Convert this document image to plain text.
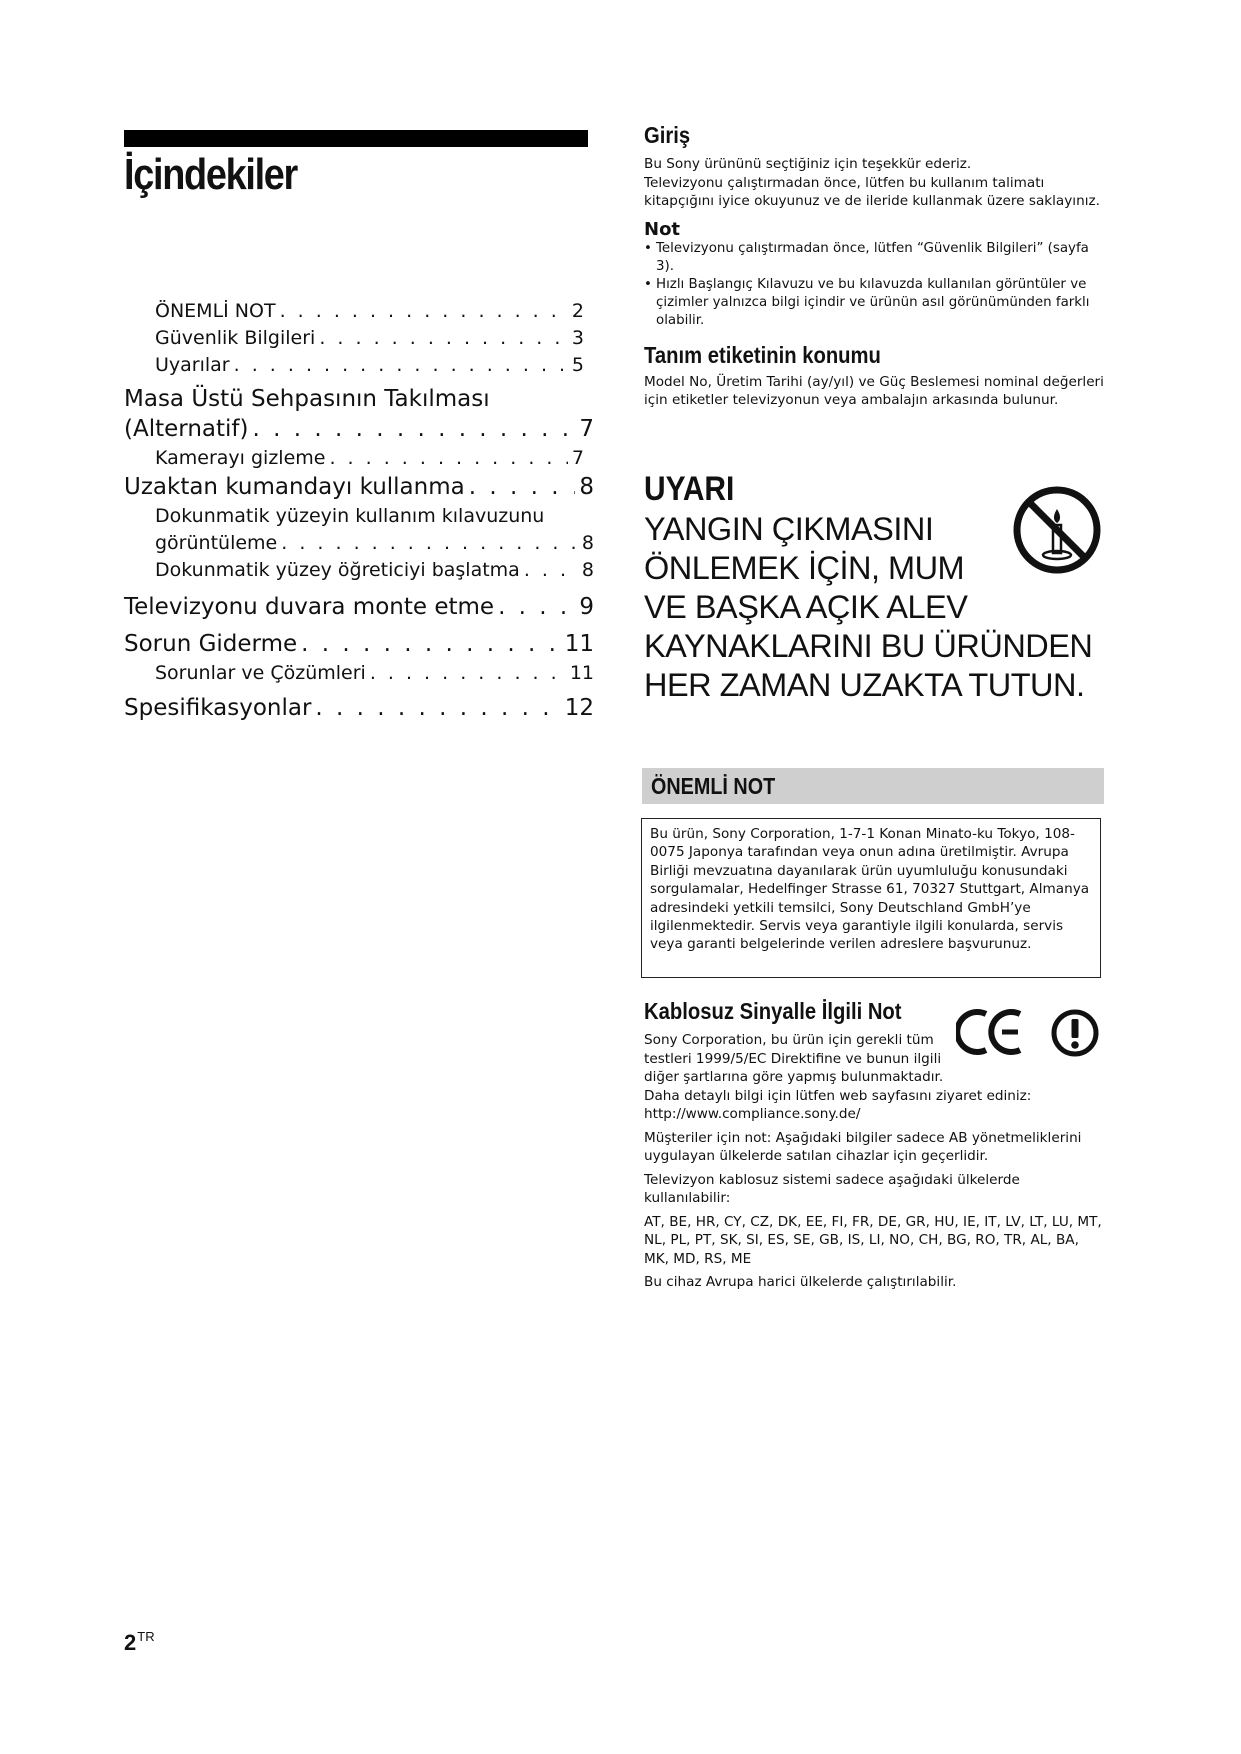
İçindekiler
ÖNEMLİ NOT . . .	2
Güvenlik Bilgileri . . .	3
Uyarılar . . .	5
Masa Üstü Sehpasının Takılması
(Alternatif) . . .	7
Kamerayı gizleme . . .	7
Uzaktan kumandayı kullanma . . .	8
Dokunmatik yüzeyin kullanım kılavuzunu
görüntüleme . . .	8
Dokunmatik yüzey öğreticiyi başlatma . . .	8
Televizyonu duvara monte etme . . .	9
Sorun Giderme . . .	11
Sorunlar ve Çözümleri . . .	11
Spesifikasyonlar . . .	12
Giriş

Bu Sony ürününü seçtiğiniz için teşekkür ederiz.

Televizyonu çalıştırmadan önce, lütfen bu kullanım talimatı kitapçığını iyice okuyunuz ve de ileride kullanmak üzere saklayınız.

Not

• Televizyonu çalıştırmadan önce, lütfen “Güvenlik Bilgileri” (sayfa 3).

• Hızlı Başlangıç Kılavuzu ve bu kılavuzda kullanılan görüntüler ve çizimler yalnızca bilgi içindir ve ürünün asıl görünümünden farklı olabilir.

Tanım etiketinin konumu

Model No, Üretim Tarihi (ay/yıl) ve Güç Beslemesi nominal değerleri için etiketler televizyonun veya ambalajın arkasında bulunur.

UYARI
YANGIN ÇIKMASINI
ÖNLEMEK İÇİN, MUM
VE BAŞKA AÇIK ALEV
KAYNAKLARINI BU ÜRÜNDEN
HER ZAMAN UZAKTA TUTUN.
ÖNEMLİ NOT
Bu ürün, Sony Corporation, 1-7-1 Konan Minato-ku Tokyo, 108-0075 Japonya tarafından veya onun adına üretilmiştir. Avrupa Birliği mevzuatına dayanılarak ürün uyumluluğu konusundaki sorgulamalar, Hedelfinger Strasse 61, 70327 Stuttgart, Almanya adresindeki yetkili temsilci, Sony Deutschland GmbH’ye ilgilenmektedir. Servis veya garantiyle ilgili konularda, servis veya garanti belgelerinde verilen adreslere başvurunuz.
Kablosuz Sinyalle İlgili Not

Sony Corporation, bu ürün için gerekli tüm testleri 1999/5/EC Direktifine ve bunun ilgili diğer şartlarına göre yapmış bulunmaktadır.

Daha detaylı bilgi için lütfen web sayfasını ziyaret ediniz:

http://www.compliance.sony.de/

Müşteriler için not: Aşağıdaki bilgiler sadece AB yönetmeliklerini uygulayan ülkelerde satılan cihazlar için geçerlidir.

Televizyon kablosuz sistemi sadece aşağıdaki ülkelerde kullanılabilir:

AT, BE, HR, CY, CZ, DK, EE, FI, FR, DE, GR, HU, IE, IT, LV, LT, LU, MT, NL, PL, PT, SK, SI, ES, SE, GB, IS, LI, NO, CH, BG, RO, TR, AL, BA, MK, MD, RS, ME

Bu cihaz Avrupa harici ülkelerde çalıştırılabilir.

$2^{TR}$
